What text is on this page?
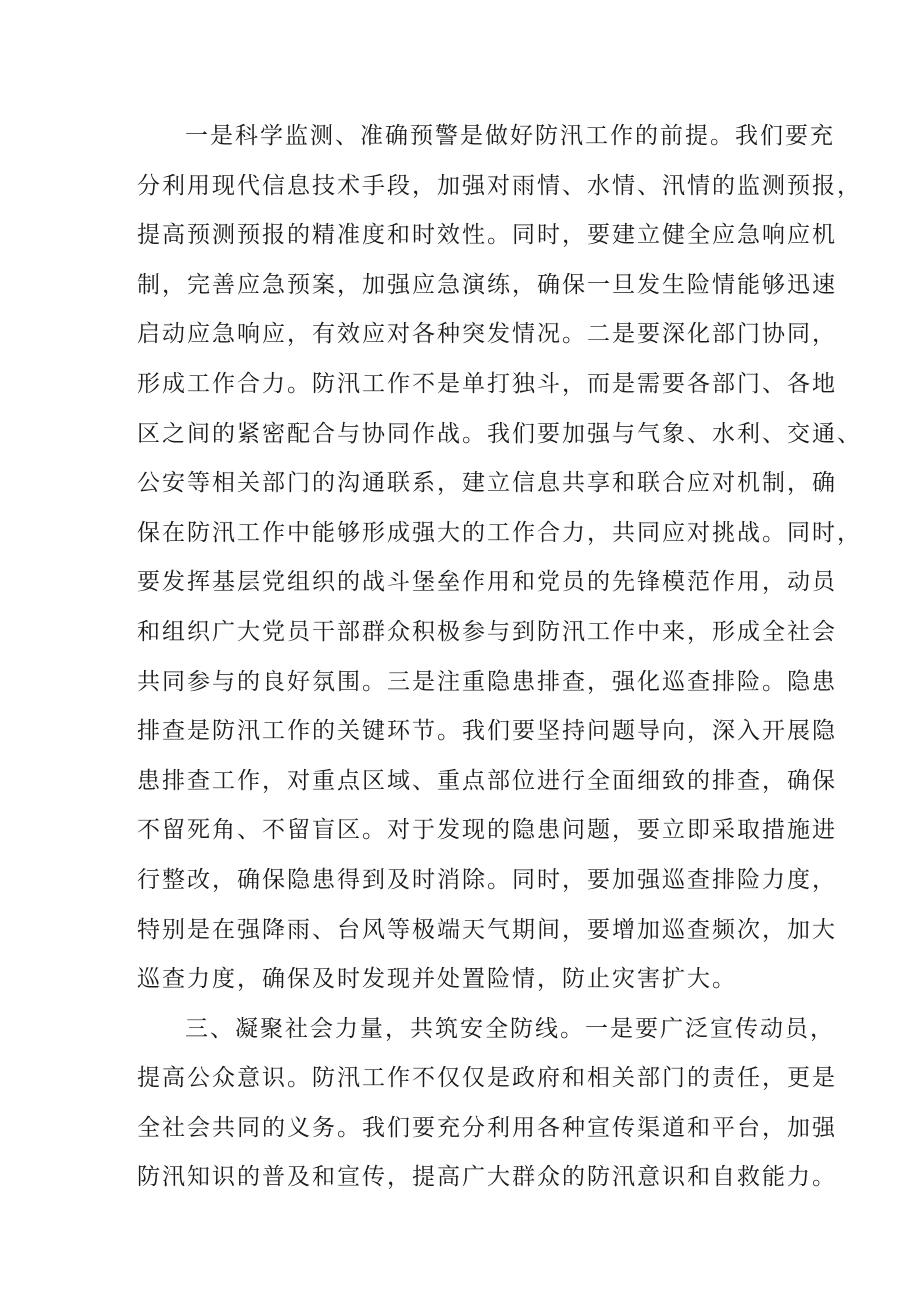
一是科学监测、准确预警是做好防汛工作的前提。我们要充
分利用现代信息技术手段，加强对雨情、水情、汛情的监测预报，
提高预测预报的精准度和时效性。同时，要建立健全应急响应机
制，完善应急预案，加强应急演练，确保一旦发生险情能够迅速
启动应急响应，有效应对各种突发情况。二是要深化部门协同，
形成工作合力。防汛工作不是单打独斗，而是需要各部门、各地
区之间的紧密配合与协同作战。我们要加强与气象、水利、交通、
公安等相关部门的沟通联系，建立信息共享和联合应对机制，确
保在防汛工作中能够形成强大的工作合力，共同应对挑战。同时，
要发挥基层党组织的战斗堡垒作用和党员的先锋模范作用，动员
和组织广大党员干部群众积极参与到防汛工作中来，形成全社会
共同参与的良好氛围。三是注重隐患排查，强化巡查排险。隐患
排查是防汛工作的关键环节。我们要坚持问题导向，深入开展隐
患排查工作，对重点区域、重点部位进行全面细致的排查，确保
不留死角、不留盲区。对于发现的隐患问题，要立即采取措施进
行整改，确保隐患得到及时消除。同时，要加强巡查排险力度，
特别是在强降雨、台风等极端天气期间，要增加巡查频次，加大
巡查力度，确保及时发现并处置险情，防止灾害扩大。
三、凝聚社会力量，共筑安全防线。一是要广泛宣传动员，
提高公众意识。防汛工作不仅仅是政府和相关部门的责任，更是
全社会共同的义务。我们要充分利用各种宣传渠道和平台，加强
防汛知识的普及和宣传，提高广大群众的防汛意识和自救能力。
